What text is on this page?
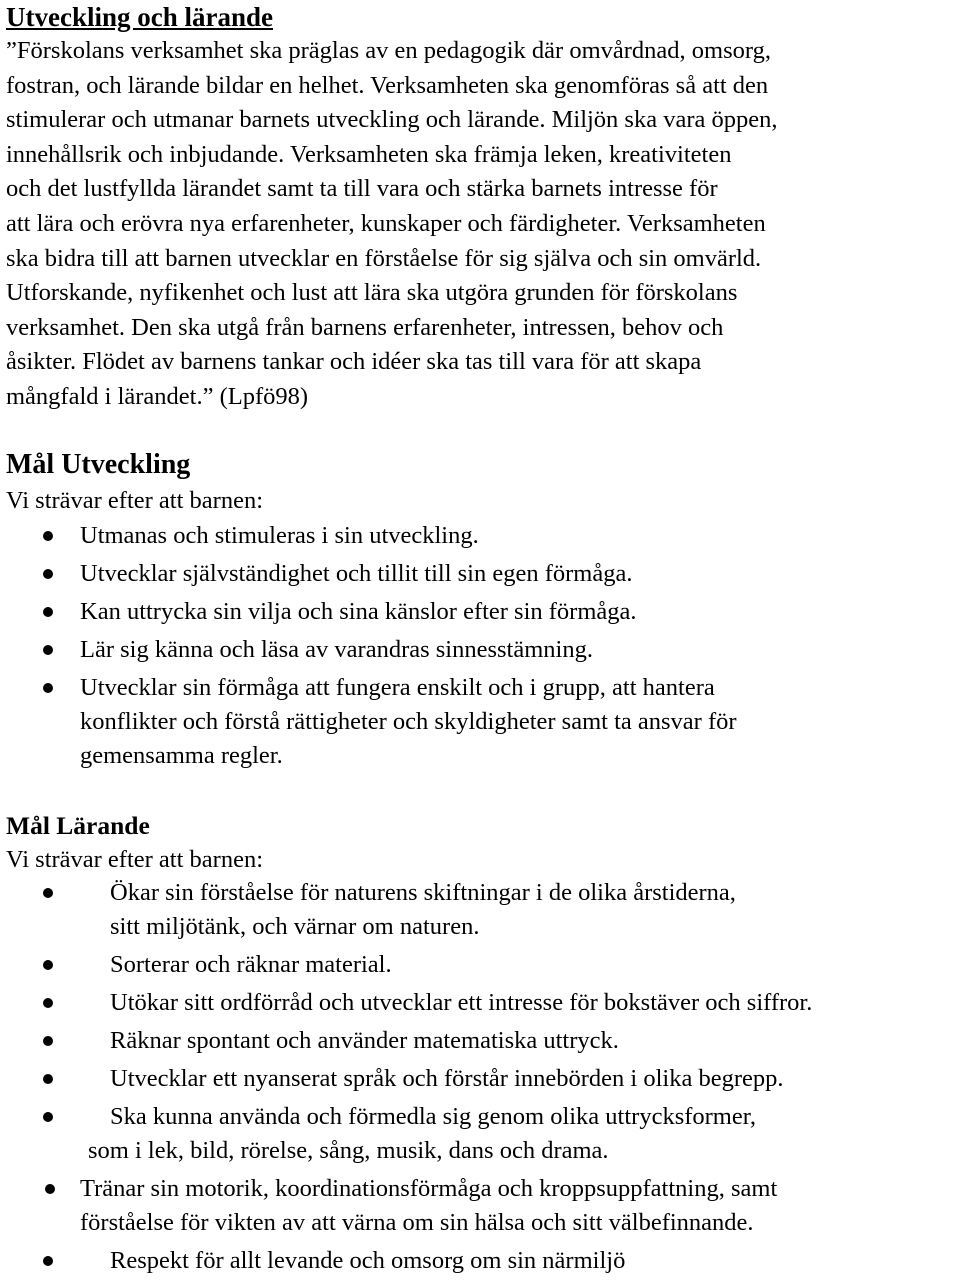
Utveckling och lärande
”Förskolans verksamhet ska präglas av en pedagogik där omvårdnad, omsorg,
fostran, och lärande bildar en helhet. Verksamheten ska genomföras så att den
stimulerar och utmanar barnets utveckling och lärande. Miljön ska vara öppen,
innehållsrik och inbjudande. Verksamheten ska främja leken, kreativiteten
och det lustfyllda lärandet samt ta till vara och stärka barnets intresse för
att lära och erövra nya erfarenheter, kunskaper och färdigheter. Verksamheten
ska bidra till att barnen utvecklar en förståelse för sig själva och sin omvärld.
Utforskande, nyfikenhet och lust att lära ska utgöra grunden för förskolans
verksamhet. Den ska utgå från barnens erfarenheter, intressen, behov och
åsikter. Flödet av barnens tankar och idéer ska tas till vara för att skapa
mångfald i lärandet.” (Lpfö98)
Mål Utveckling
Vi strävar efter att barnen:
Utmanas och stimuleras i sin utveckling.
Utvecklar självständighet och tillit till sin egen förmåga.
Kan uttrycka sin vilja och sina känslor efter sin förmåga.
Lär sig känna och läsa av varandras sinnesstämning.
Utvecklar sin förmåga att fungera enskilt och i grupp, att hantera
konflikter och förstå rättigheter och skyldigheter samt ta ansvar för
gemensamma regler.
Mål Lärande
Vi strävar efter att barnen:
Ökar sin förståelse för naturens skiftningar i de olika årstiderna,
sitt miljötänk, och värnar om naturen.
Sorterar och räknar material.
Utökar sitt ordförråd och utvecklar ett intresse för bokstäver och siffror.
Räknar spontant och använder matematiska uttryck.
Utvecklar ett nyanserat språk och förstår innebörden i olika begrepp.
Ska kunna använda och förmedla sig genom olika uttrycksformer,
som i lek, bild, rörelse, sång, musik, dans och drama.
Tränar sin motorik, koordinationsförmåga och kroppsuppfattning, samt
förståelse för vikten av att värna om sin hälsa och sitt välbefinnande.
Respekt för allt levande och omsorg om sin närmiljö
